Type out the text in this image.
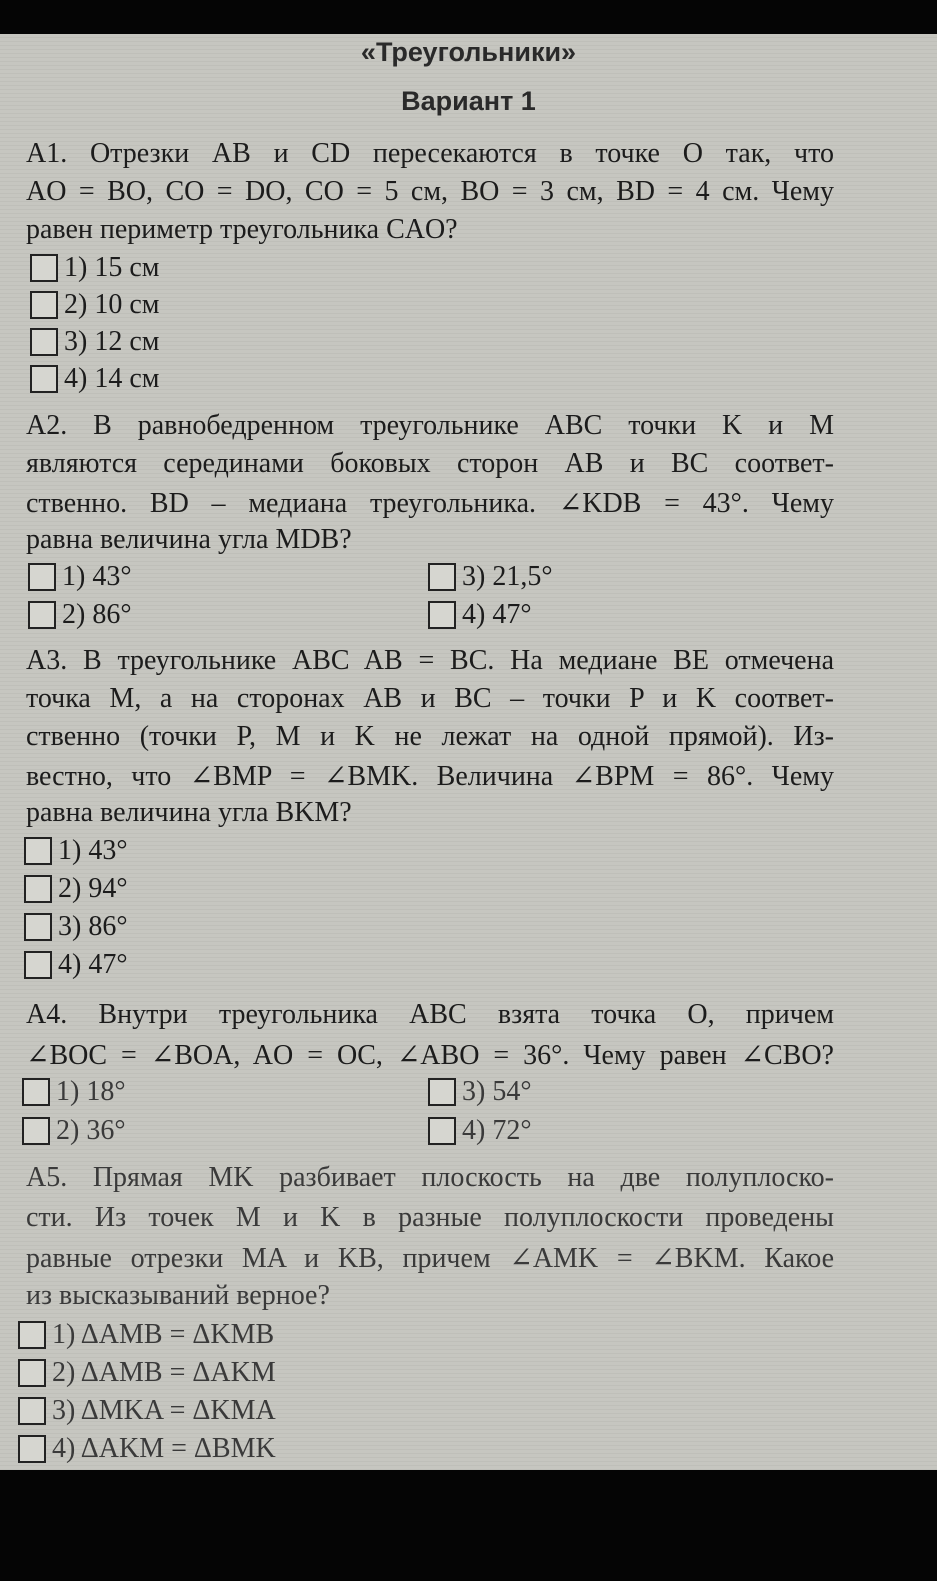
«Треугольники»
Вариант 1
A1. Отрезки AB и CD пересекаются в точке O так, что
AO = BO, CO = DO, CO = 5 см, BO = 3 см, BD = 4 см. Чему
равен периметр треугольника CAO?
1) 15 см
2) 10 см
3) 12 см
4) 14 см
A2. В равнобедренном треугольнике ABC точки K и M
являются серединами боковых сторон AB и BC соответ-
ственно. BD – медиана треугольника. ∠KDB = 43°. Чему
равна величина угла MDB?
1) 43°
2) 86°
3) 21,5°
4) 47°
A3. В треугольнике ABC AB = BC. На медиане BE отмечена
точка M, а на сторонах AB и BC – точки P и K соответ-
ственно (точки P, M и K не лежат на одной прямой). Из-
вестно, что ∠BMP = ∠BMK. Величина ∠BPM = 86°. Чему
равна величина угла BKM?
1) 43°
2) 94°
3) 86°
4) 47°
A4. Внутри треугольника ABC взята точка O, причем
∠BOC = ∠BOA, AO = OC, ∠ABO = 36°. Чему равен ∠CBO?
1) 18°
2) 36°
3) 54°
4) 72°
A5. Прямая MK разбивает плоскость на две полуплоско-
сти. Из точек M и K в разные полуплоскости проведены
равные отрезки MA и KB, причем ∠AMK = ∠BKM. Какое
из высказываний верное?
1) ΔAMB = ΔKMB
2) ΔAMB = ΔAKM
3) ΔMKA = ΔKMA
4) ΔAKM = ΔBMK
